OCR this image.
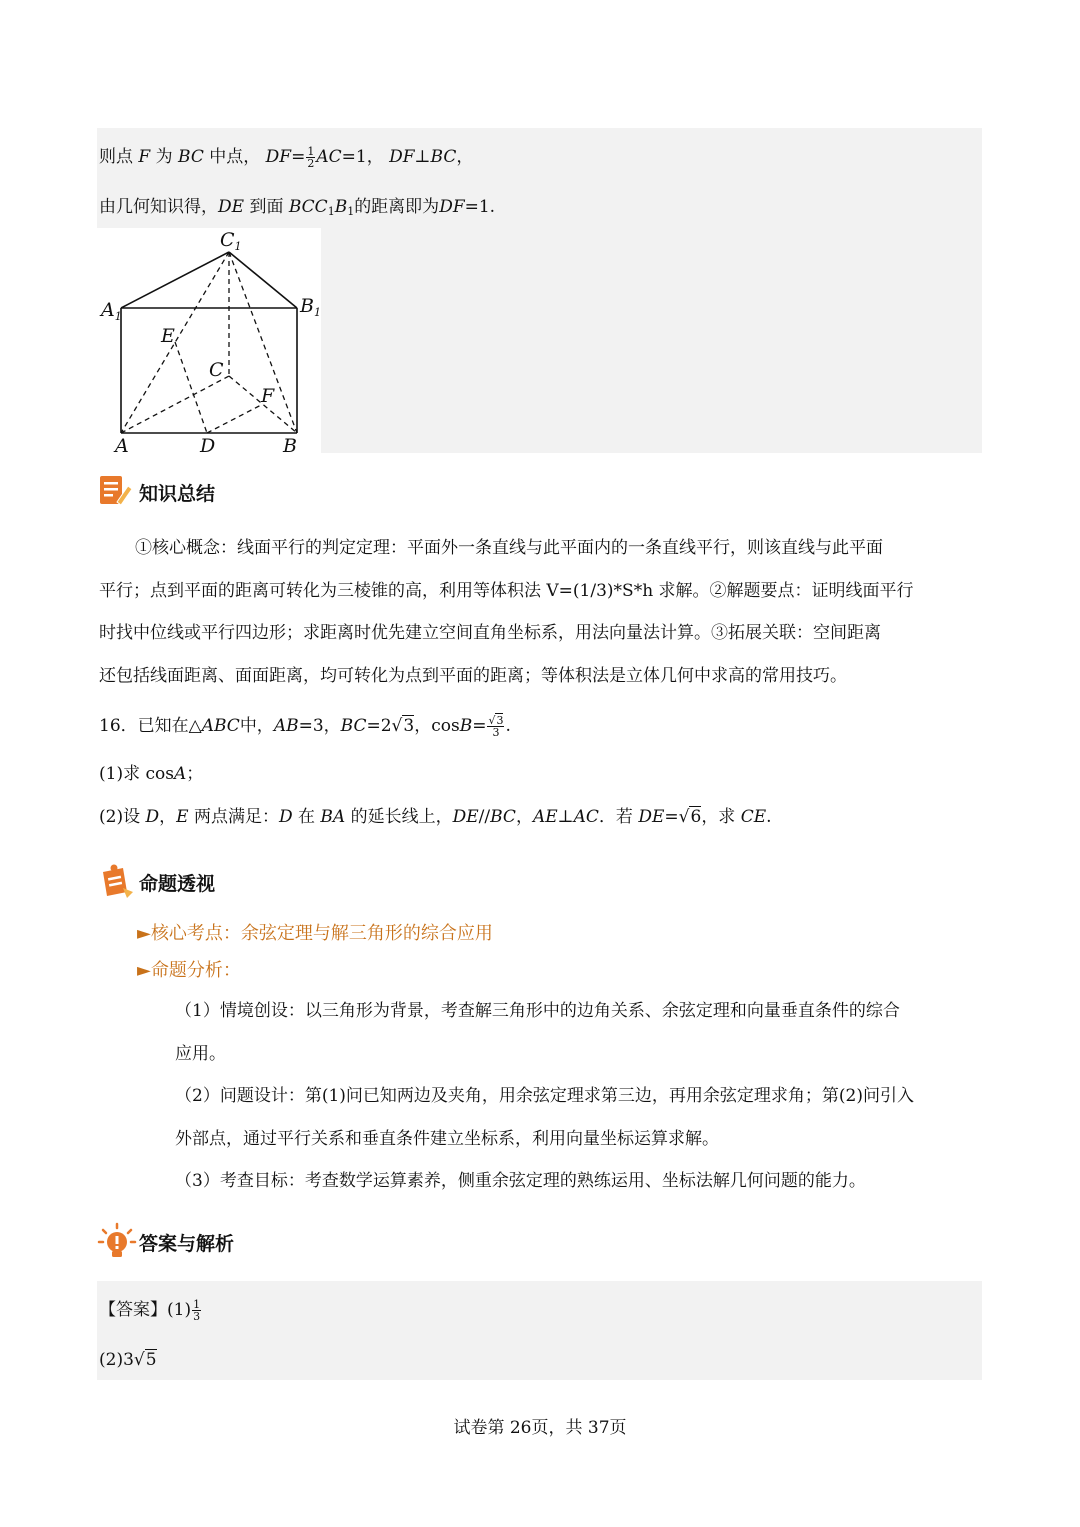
则点 F 为 BC 中点， $DF= \frac{1}{2} AC=1$， DF⊥BC，
由几何知识得，DE 到面 $BCC_1B_1$的距离即为DF=1.
$C_1$
$A_1$	$B_1$
E
C
F
A	D	B
知识总结
①核心概念：线面平行的判定定理：平面外一条直线与此平面内的一条直线平行，则该直线与此平面
平行；点到平面的距离可转化为三棱锥的高，利用等体积法 V=(1/3)*S*h 求解。②解题要点：证明线面平行
时找中位线或平行四边形；求距离时优先建立空间直角坐标系，用法向量法计算。③拓展关联：空间距离
还包括线面距离、面面距离，均可转化为点到平面的距离；等体积法是立体几何中求高的常用技巧。
16．已知在△ABC中，AB=3，BC=2√3，$\cos B= \frac{√3}{3}$ .
(1)求 cosA；
(2)设 D，E 两点满足：D 在 BA 的延长线上，DE//BC，AE⊥AC．若 DE=√6，求 CE.
命题透视
►核心考点：余弦定理与解三角形的综合应用
►命题分析：
（1）情境创设：以三角形为背景，考查解三角形中的边角关系、余弦定理和向量垂直条件的综合
应用。
（2）问题设计：第(1)问已知两边及夹角，用余弦定理求第三边，再用余弦定理求角；第(2)问引入
外部点，通过平行关系和垂直条件建立坐标系，利用向量坐标运算求解。
（3）考查目标：考查数学运算素养，侧重余弦定理的熟练运用、坐标法解几何问题的能力。
答案与解析
【答案】$(1) \frac{1}{3}$
(2)3√5
试卷第 26页，共 37页
